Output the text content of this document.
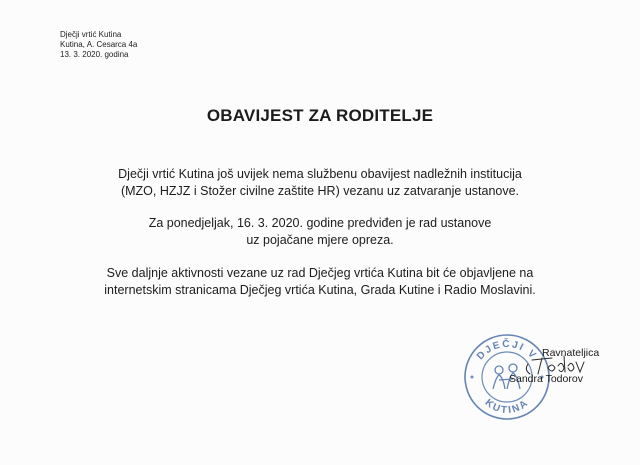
Dječji vrtić Kutina
Kutina, A. Cesarca 4a
13. 3. 2020. godina
OBAVIJEST ZA RODITELJE
Dječji vrtić Kutina još uvijek nema službenu obavijest nadležnih institucija
(MZO, HZJZ i Stožer civilne zaštite HR) vezanu uz zatvaranje ustanove.
Za ponedjeljak, 16. 3. 2020. godine predviđen je rad ustanove
uz pojačane mjere opreza.
Sve daljnje aktivnosti vezane uz rad Dječjeg vrtića Kutina bit će objavljene na
internetskim stranicama Dječjeg vrtića Kutina, Grada Kutine i Radio Moslavini.
DJEČJI V
KUTINA
Ravnateljica
Sandra Todorov
